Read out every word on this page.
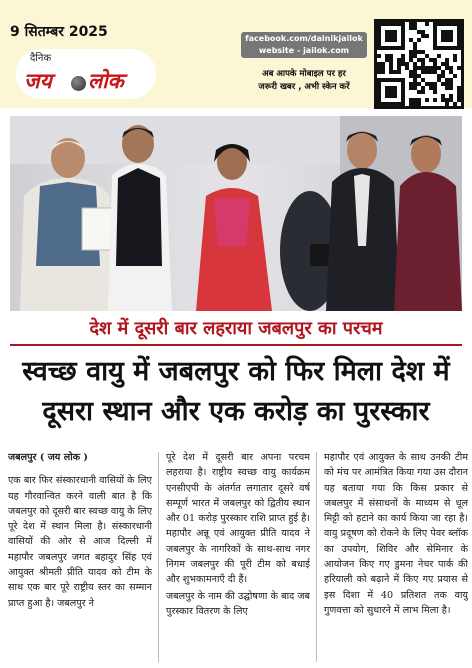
9 सितम्बर 2025
दैनिक
जय लोक
facebook.com/dainikjailok
website - jailok.com
अब आपके मोबाइल पर हर
जरूरी खबर , अभी स्केन करें
देश में दूसरी बार लहराया जबलपुर का परचम
स्वच्छ वायु में जबलपुर को फिर मिला देश में दूसरा स्थान और एक करोड़ का पुरस्कार
जबलपुर ( जय लोक )

एक बार फिर संस्कारधानी वासियों के लिए यह गौरवान्वित करने वाली बात है कि जबलपुर को दूसरी बार स्वच्छ वायु के लिए पूरे देश में स्थान मिला है। संस्कारधानी वासियों की ओर से आज दिल्ली में महापौर जबलपुर जगत बहादुर सिंह एवं आयुक्त श्रीमती प्रीति यादव को टीम के साथ एक बार पूरे राष्ट्रीय स्तर का सम्मान प्राप्त हुआ है। जबलपुर ने

पूरे देश में दूसरी बार अपना परचम लहराया है। राष्ट्रीय स्वच्छ वायु कार्यक्रम एनसीएपी के अंतर्गत लगातार दूसरे वर्ष सम्पूर्ण भारत में जबलपुर को द्वितीय स्थान और 01 करोड़ पुरस्कार राशि प्राप्त हुई है। महापौर अन्नू एवं आयुक्त प्रीति यादव ने जबलपुर के नागरिकों के साथ-साथ नगर निगम जबलपुर की पूरी टीम को बधाई और शुभकामनाएँ दी हैं।

जबलपुर के नाम की उद्घोषणा के बाद जब पुरस्कार वितरण के लिए

महापौर एवं आयुक्त के साथ उनकी टीम को मंच पर आमंत्रित किया गया उस दौरान यह बताया गया कि किस प्रकार से जबलपुर में संसाधनों के माध्यम से धूल मिट्टी को हटाने का कार्य किया जा रहा है। वायु प्रदूषण को रोकने के लिए पेवर ब्लॉक का उपयोग, शिविर और सेमिनार के आयोजन किए गए डुमना नेचर पार्क की हरियाली को बढ़ाने में किए गए प्रयास से इस दिशा में 40 प्रतिशत तक वायु गुणवत्ता को सुधारने में लाभ मिला है।
